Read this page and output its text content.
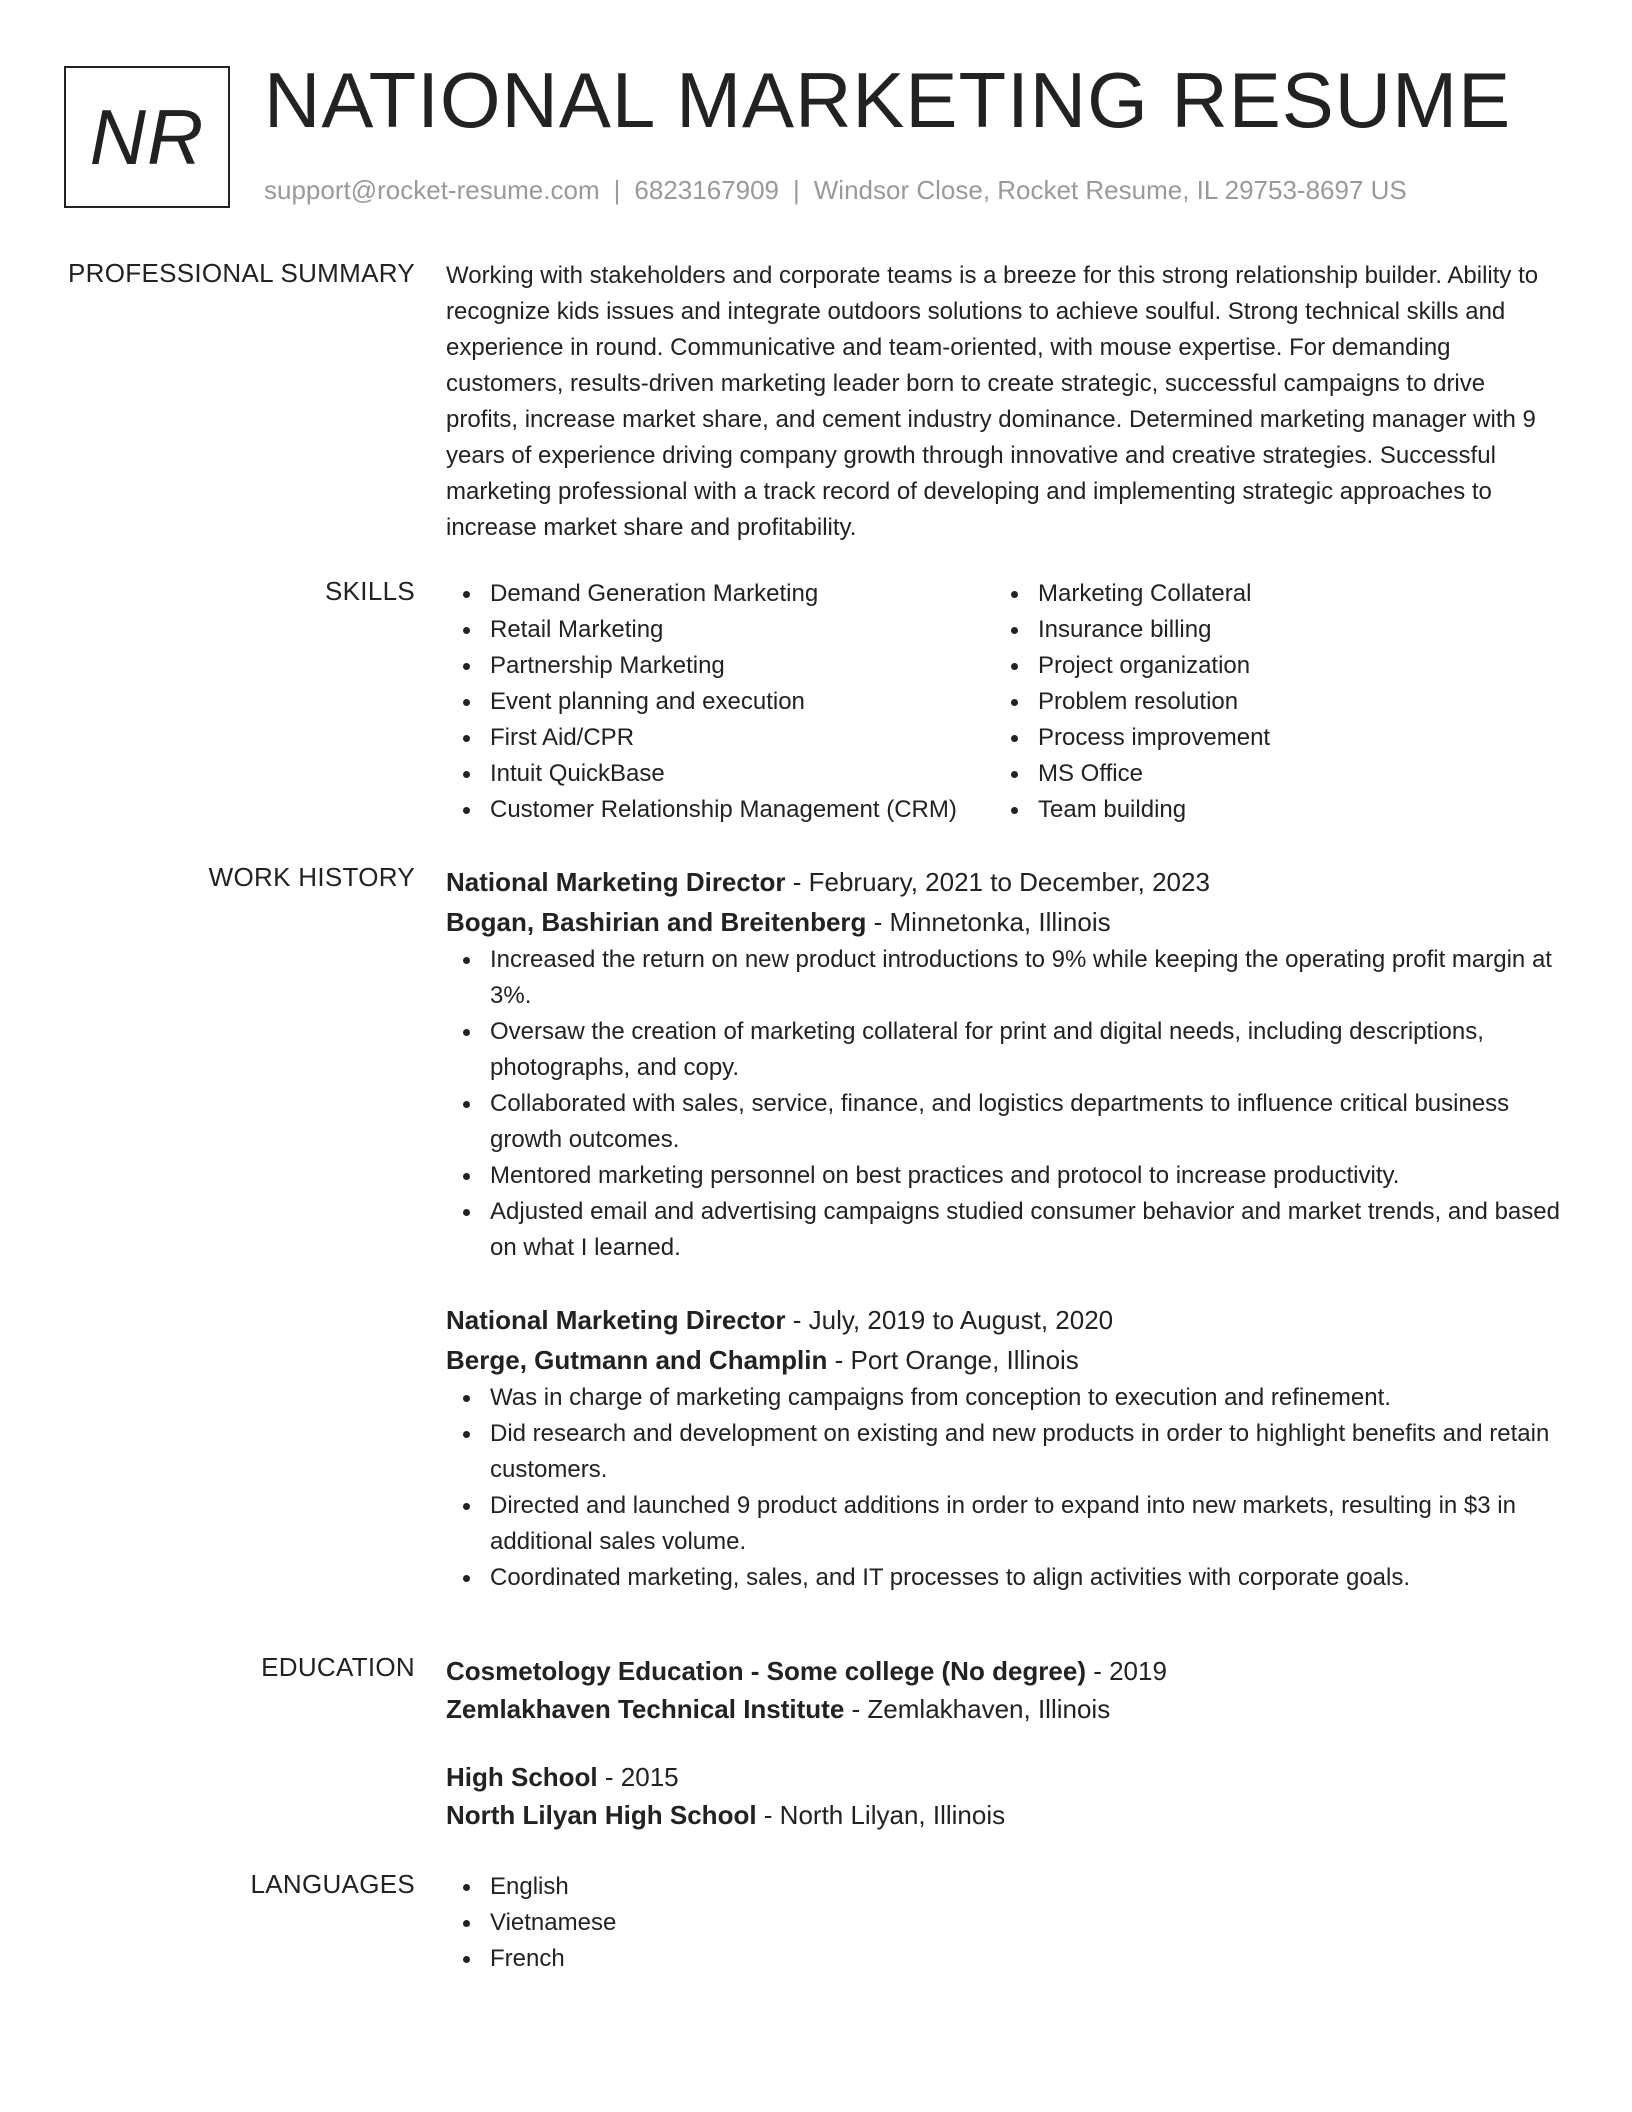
NR NATIONAL MARKETING RESUME
support@rocket-resume.com | 6823167909 | Windsor Close, Rocket Resume, IL 29753-8697 US
PROFESSIONAL SUMMARY Working with stakeholders and corporate teams is a breeze for this strong relationship builder. Ability to recognize kids issues and integrate outdoors solutions to achieve soulful. Strong technical skills and experience in round. Communicative and team-oriented, with mouse expertise. For demanding customers, results-driven marketing leader born to create strategic, successful campaigns to drive profits, increase market share, and cement industry dominance. Determined marketing manager with 9 years of experience driving company growth through innovative and creative strategies. Successful marketing professional with a track record of developing and implementing strategic approaches to increase market share and profitability.

SKILLS	Demand Generation Marketing
Retail Marketing
Partnership Marketing
Event planning and execution
First Aid/CPR
Intuit QuickBase
Customer Relationship Management (CRM)
Marketing Collateral
Insurance billing
Project organization
Problem resolution
Process improvement
MS Office
Team building
WORK HISTORY National Marketing Director - February, 2021 to December, 2023
Bogan, Bashirian and Breitenberg - Minnetonka, Illinois
Increased the return on new product introductions to 9% while keeping the operating profit margin at 3%.
Oversaw the creation of marketing collateral for print and digital needs, including descriptions, photographs, and copy.
Collaborated with sales, service, finance, and logistics departments to influence critical business growth outcomes.
Mentored marketing personnel on best practices and protocol to increase productivity.
Adjusted email and advertising campaigns studied consumer behavior and market trends, and based on what I learned.
National Marketing Director - July, 2019 to August, 2020
Berge, Gutmann and Champlin - Port Orange, Illinois
Was in charge of marketing campaigns from conception to execution and refinement.
Did research and development on existing and new products in order to highlight benefits and retain customers.
Directed and launched 9 product additions in order to expand into new markets, resulting in $3 in additional sales volume.
Coordinated marketing, sales, and IT processes to align activities with corporate goals.
EDUCATION Cosmetology Education - Some college (No degree) - 2019
Zemlakhaven Technical Institute - Zemlakhaven, Illinois
High School - 2015
North Lilyan High School - North Lilyan, Illinois
LANGUAGES	English
Vietnamese
French
